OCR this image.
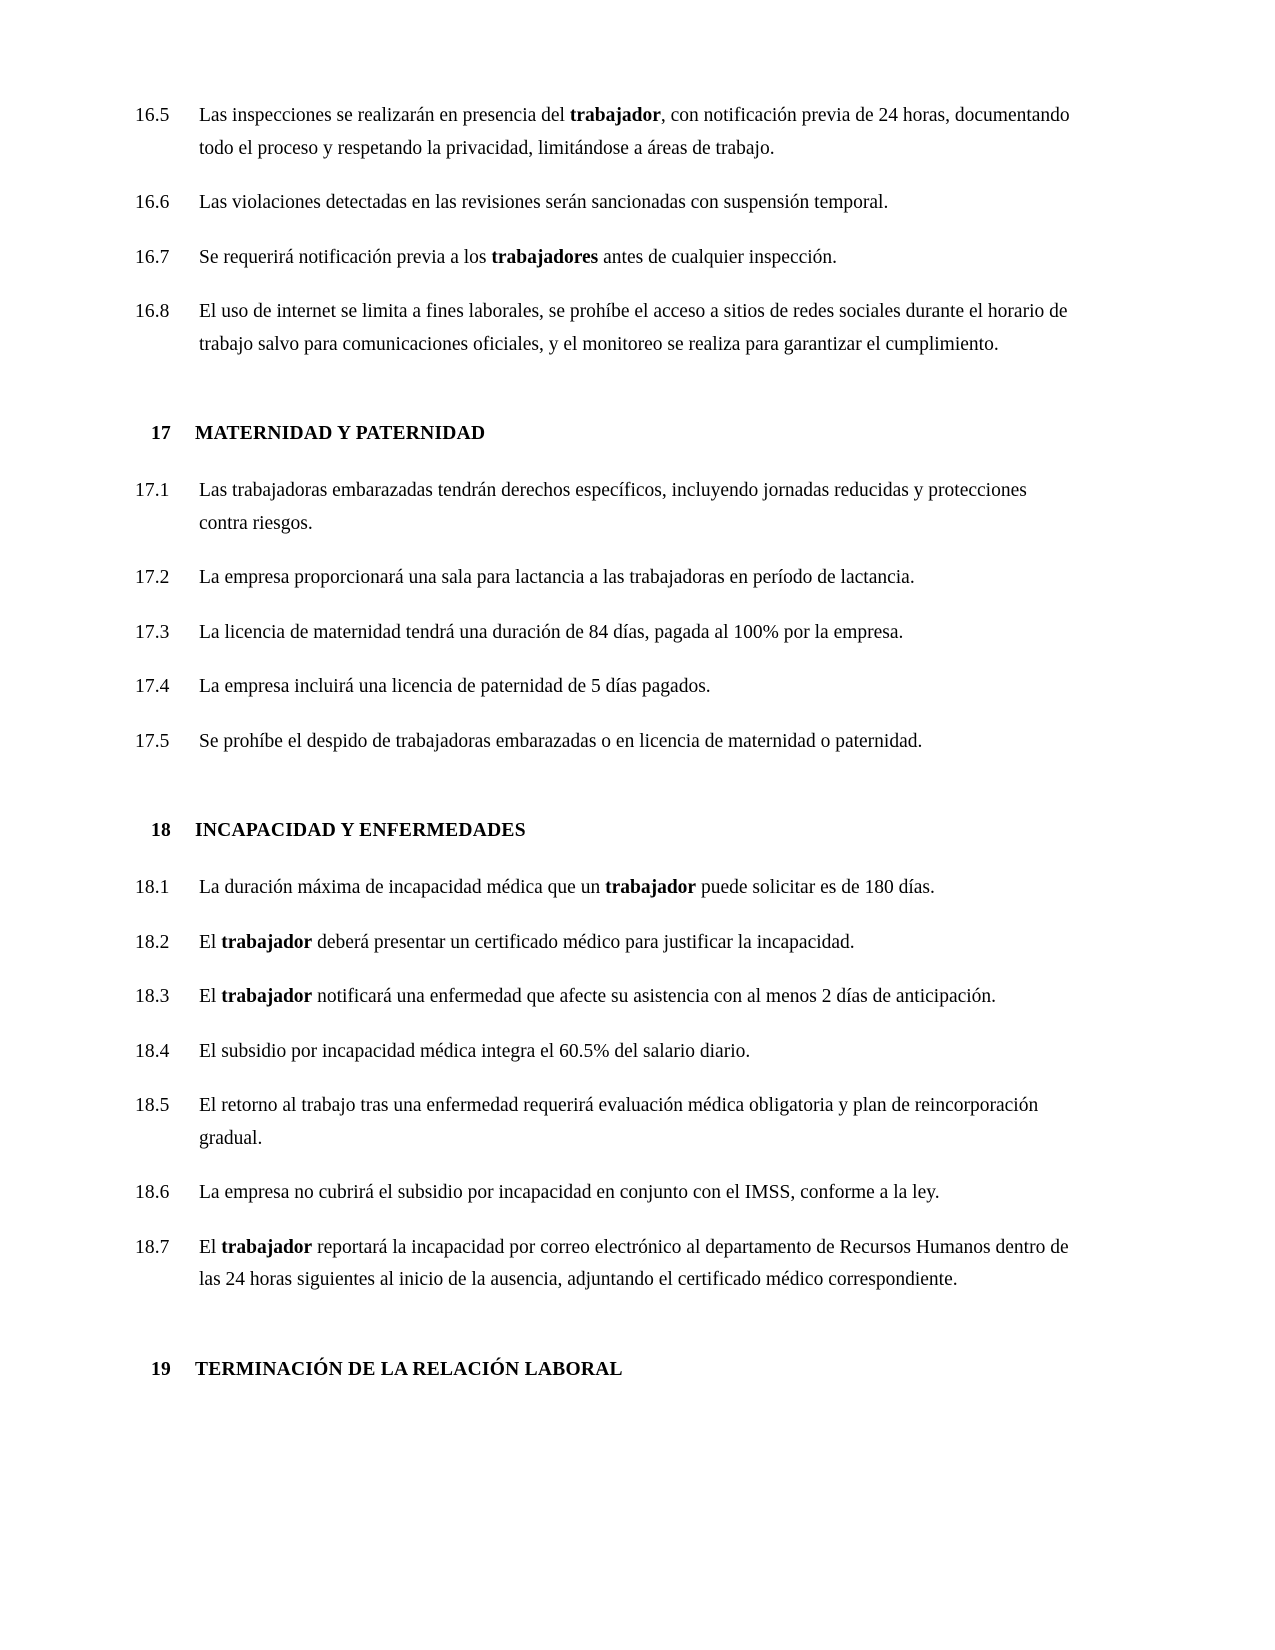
16.5	Las inspecciones se realizarán en presencia del trabajador, con notificación previa de 24 horas, documentando todo el proceso y respetando la privacidad, limitándose a áreas de trabajo.
16.6	Las violaciones detectadas en las revisiones serán sancionadas con suspensión temporal.
16.7	Se requerirá notificación previa a los trabajadores antes de cualquier inspección.
16.8	El uso de internet se limita a fines laborales, se prohíbe el acceso a sitios de redes sociales durante el horario de trabajo salvo para comunicaciones oficiales, y el monitoreo se realiza para garantizar el cumplimiento.
17	MATERNIDAD Y PATERNIDAD
17.1	Las trabajadoras embarazadas tendrán derechos específicos, incluyendo jornadas reducidas y protecciones contra riesgos.
17.2	La empresa proporcionará una sala para lactancia a las trabajadoras en período de lactancia.
17.3	La licencia de maternidad tendrá una duración de 84 días, pagada al 100% por la empresa.
17.4	La empresa incluirá una licencia de paternidad de 5 días pagados.
17.5	Se prohíbe el despido de trabajadoras embarazadas o en licencia de maternidad o paternidad.
18	INCAPACIDAD Y ENFERMEDADES
18.1	La duración máxima de incapacidad médica que un trabajador puede solicitar es de 180 días.
18.2	El trabajador deberá presentar un certificado médico para justificar la incapacidad.
18.3	El trabajador notificará una enfermedad que afecte su asistencia con al menos 2 días de anticipación.
18.4	El subsidio por incapacidad médica integra el 60.5% del salario diario.
18.5	El retorno al trabajo tras una enfermedad requerirá evaluación médica obligatoria y plan de reincorporación gradual.
18.6	La empresa no cubrirá el subsidio por incapacidad en conjunto con el IMSS, conforme a la ley.
18.7	El trabajador reportará la incapacidad por correo electrónico al departamento de Recursos Humanos dentro de las 24 horas siguientes al inicio de la ausencia, adjuntando el certificado médico correspondiente.
19	TERMINACIÓN DE LA RELACIÓN LABORAL
